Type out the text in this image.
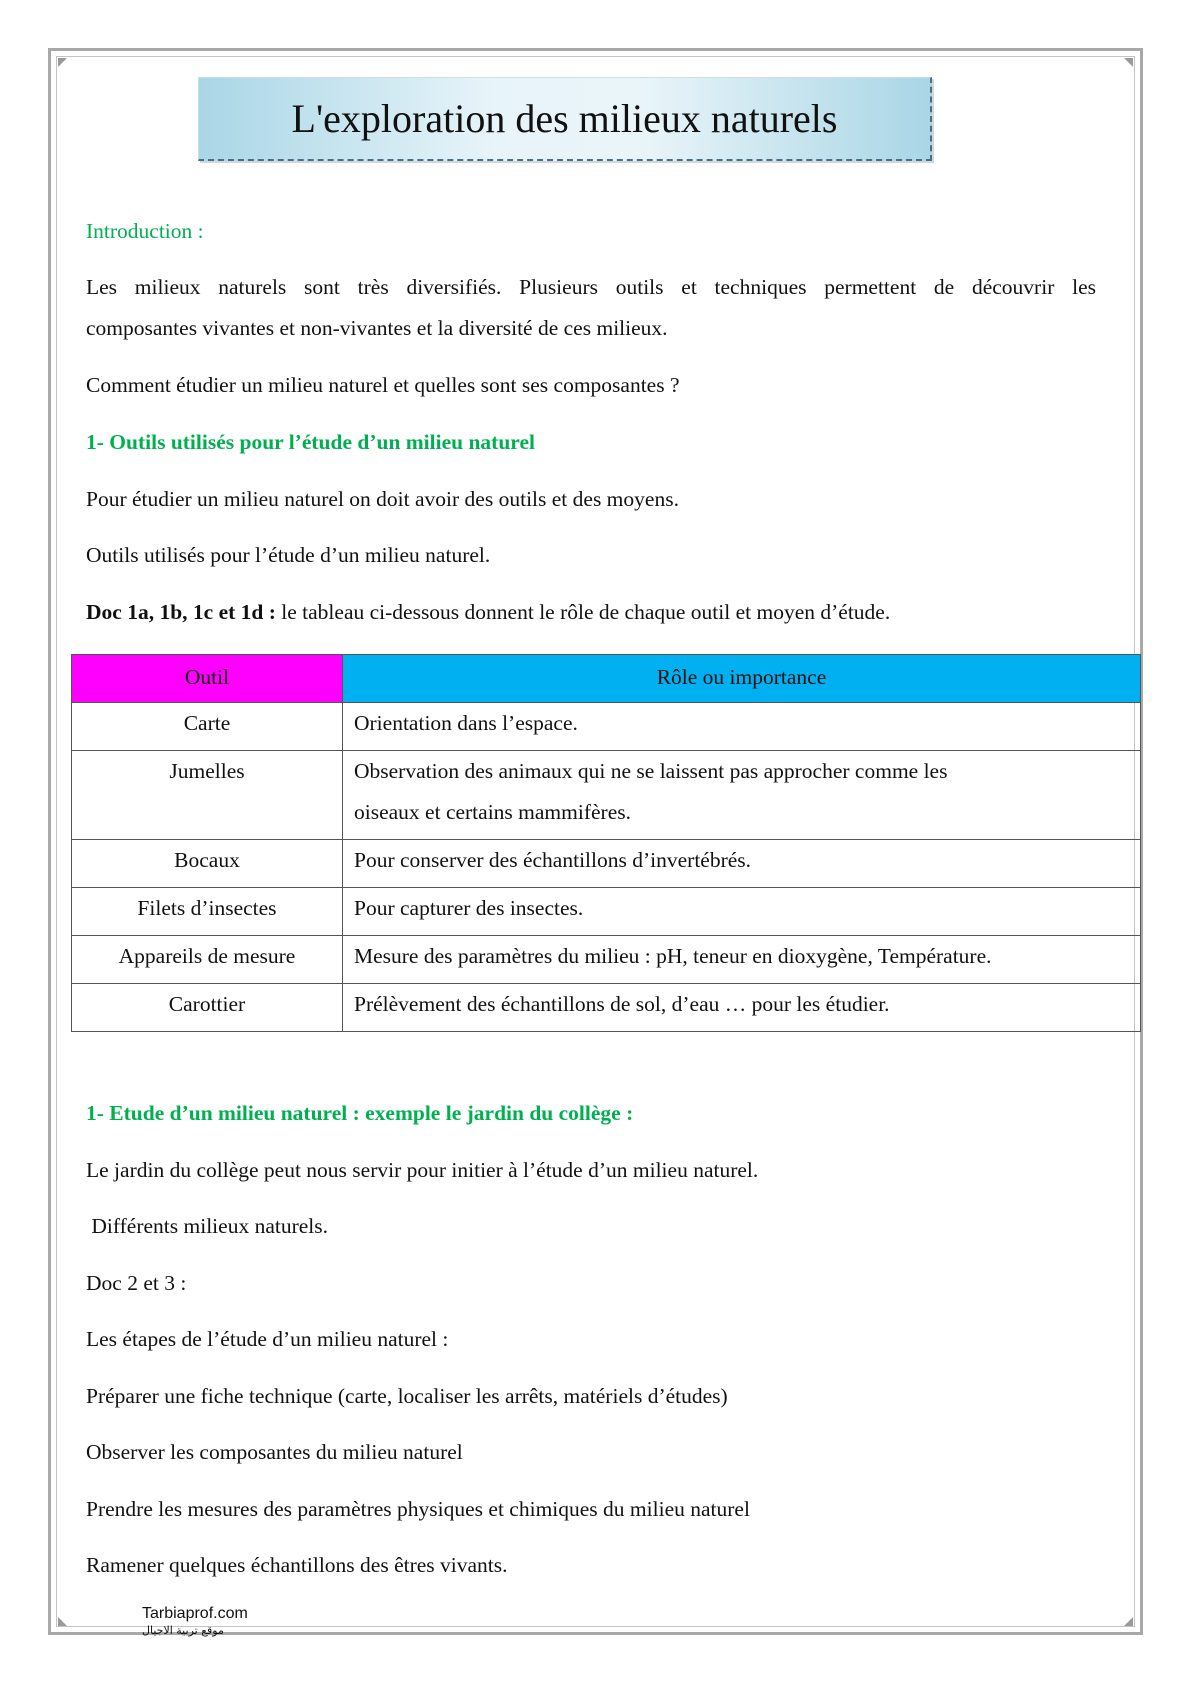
L'exploration des milieux naturels

Introduction :

Les milieux naturels sont très diversifiés. Plusieurs outils et techniques permettent de découvrir les

composantes vivantes et non-vivantes et la diversité de ces milieux.

Comment étudier un milieu naturel et quelles sont ses composantes ?

1- Outils utilisés pour l’étude d’un milieu naturel

Pour étudier un milieu naturel on doit avoir des outils et des moyens.

Outils utilisés pour l’étude d’un milieu naturel.

Doc 1a, 1b, 1c et 1d : le tableau ci-dessous donnent le rôle de chaque outil et moyen d’étude.

Outil	Rôle ou importance
Carte	Orientation dans l’espace.
Jumelles	Observation des animaux qui ne se laissent pas approcher comme les
oiseaux et certains mammifères.

Bocaux	Pour conserver des échantillons d’invertébrés.
Filets d’insectes	Pour capturer des insectes.
Appareils de mesure	Mesure des paramètres du milieu : pH, teneur en dioxygène, Température.
Carottier	Prélèvement des échantillons de sol, d’eau … pour les étudier.

1- Etude d’un milieu naturel : exemple le jardin du collège :

Le jardin du collège peut nous servir pour initier à l’étude d’un milieu naturel.

Différents milieux naturels.

Doc 2 et 3 :

Les étapes de l’étude d’un milieu naturel :

Préparer une fiche technique (carte, localiser les arrêts, matériels d’études)

Observer les composantes du milieu naturel

Prendre les mesures des paramètres physiques et chimiques du milieu naturel

Ramener quelques échantillons des êtres vivants.

Tarbiaprof.com
موقع تربية الاجيال
